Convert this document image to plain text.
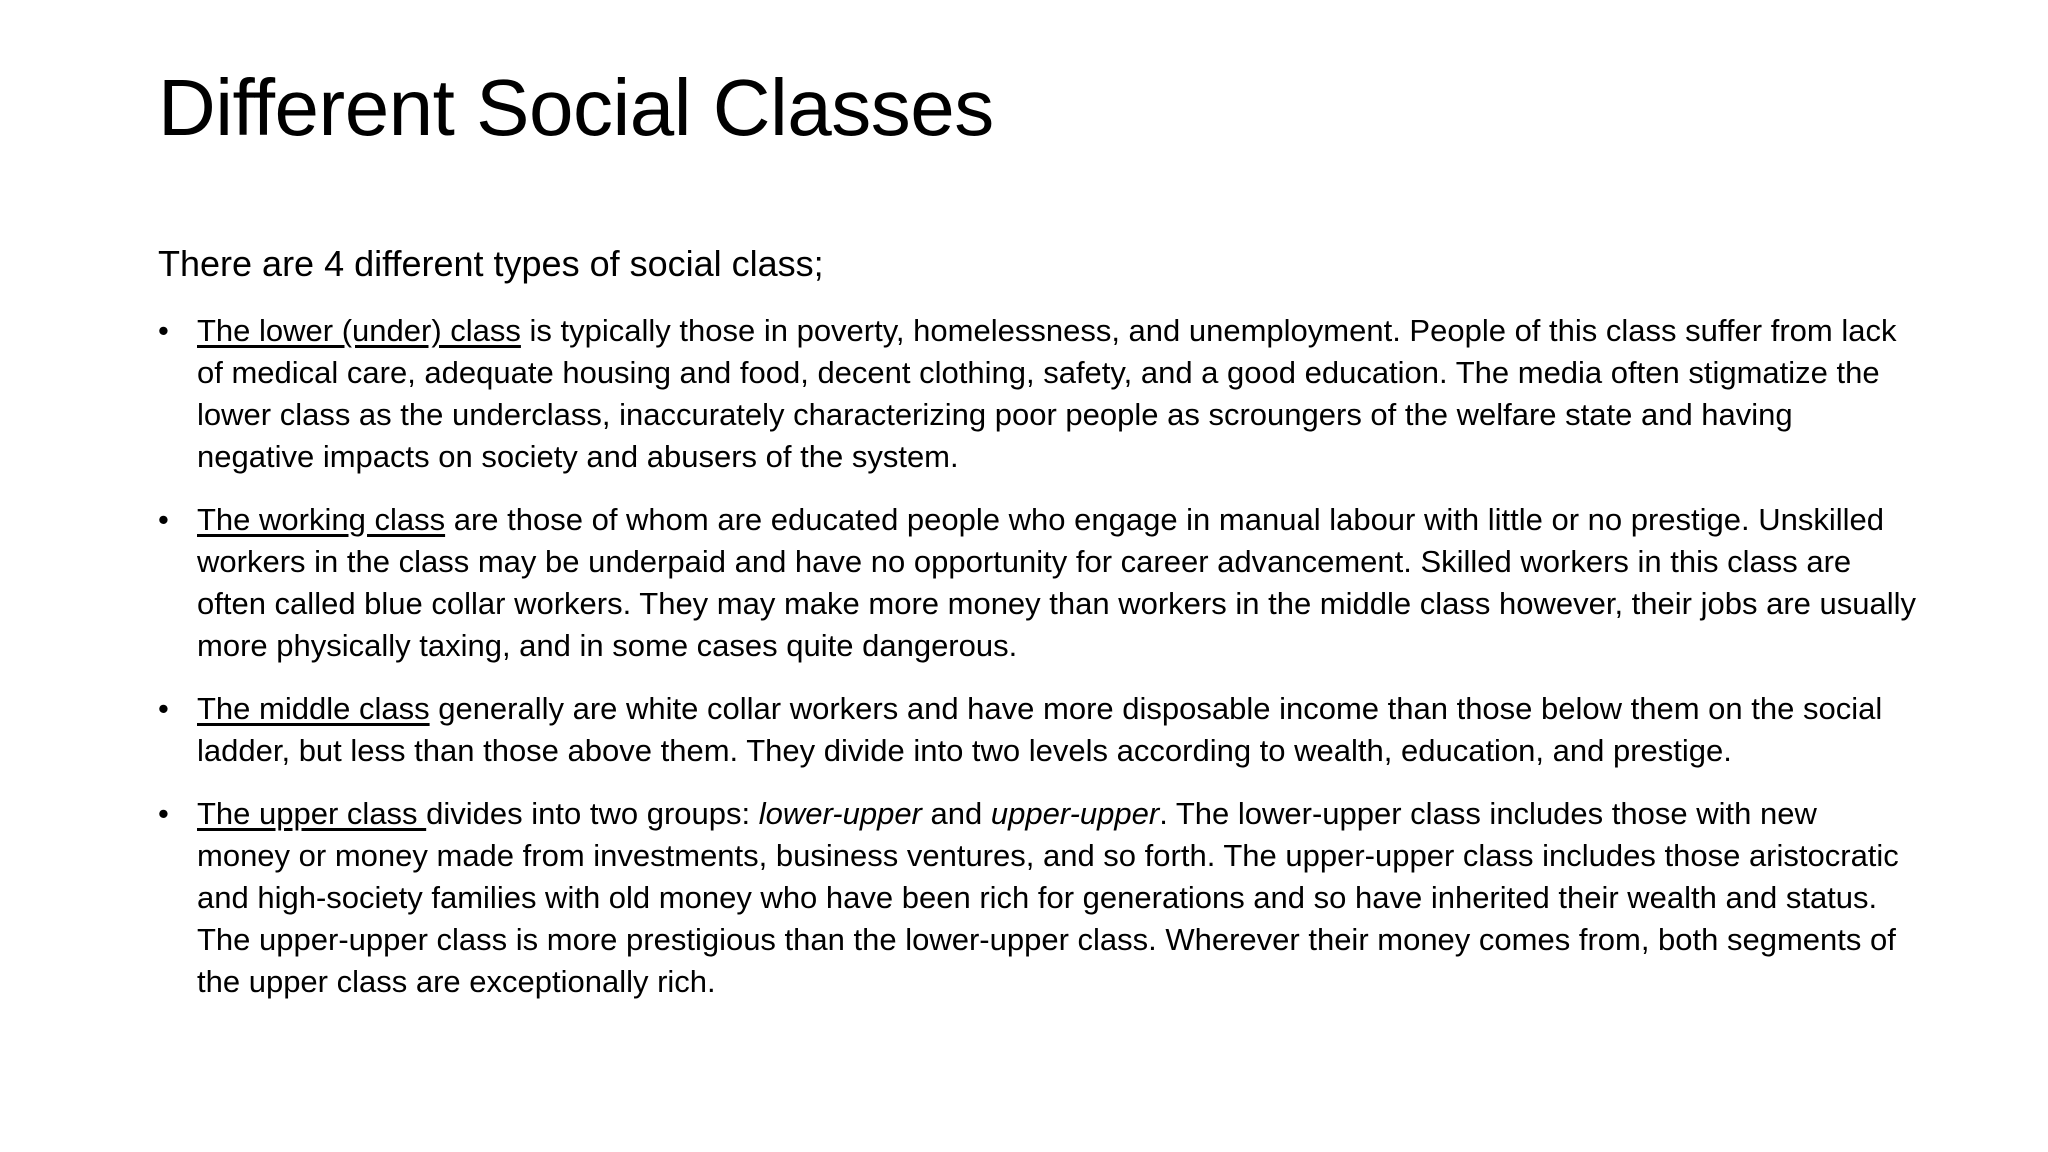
Different Social Classes

There are 4 different types of social class;

• The lower (under) class is typically those in poverty, homelessness, and unemployment. People of this class suffer from lack of medical care, adequate housing and food, decent clothing, safety, and a good education. The media often stigmatize the lower class as the underclass, inaccurately characterizing poor people as scroungers of the welfare state and having negative impacts on society and abusers of the system.
• The working class are those of whom are educated people who engage in manual labour with little or no prestige. Unskilled workers in the class may be underpaid and have no opportunity for career advancement. Skilled workers in this class are often called blue collar workers. They may make more money than workers in the middle class however, their jobs are usually more physically taxing, and in some cases quite dangerous.
• The middle class generally are white collar workers and have more disposable income than those below them on the social ladder, but less than those above them. They divide into two levels according to wealth, education, and prestige.
• The upper class divides into two groups: lower-upper and upper-upper. The lower-upper class includes those with new money or money made from investments, business ventures, and so forth. The upper-upper class includes those aristocratic and high-society families with old money who have been rich for generations and so have inherited their wealth and status. The upper-upper class is more prestigious than the lower-upper class. Wherever their money comes from, both segments of the upper class are exceptionally rich.
